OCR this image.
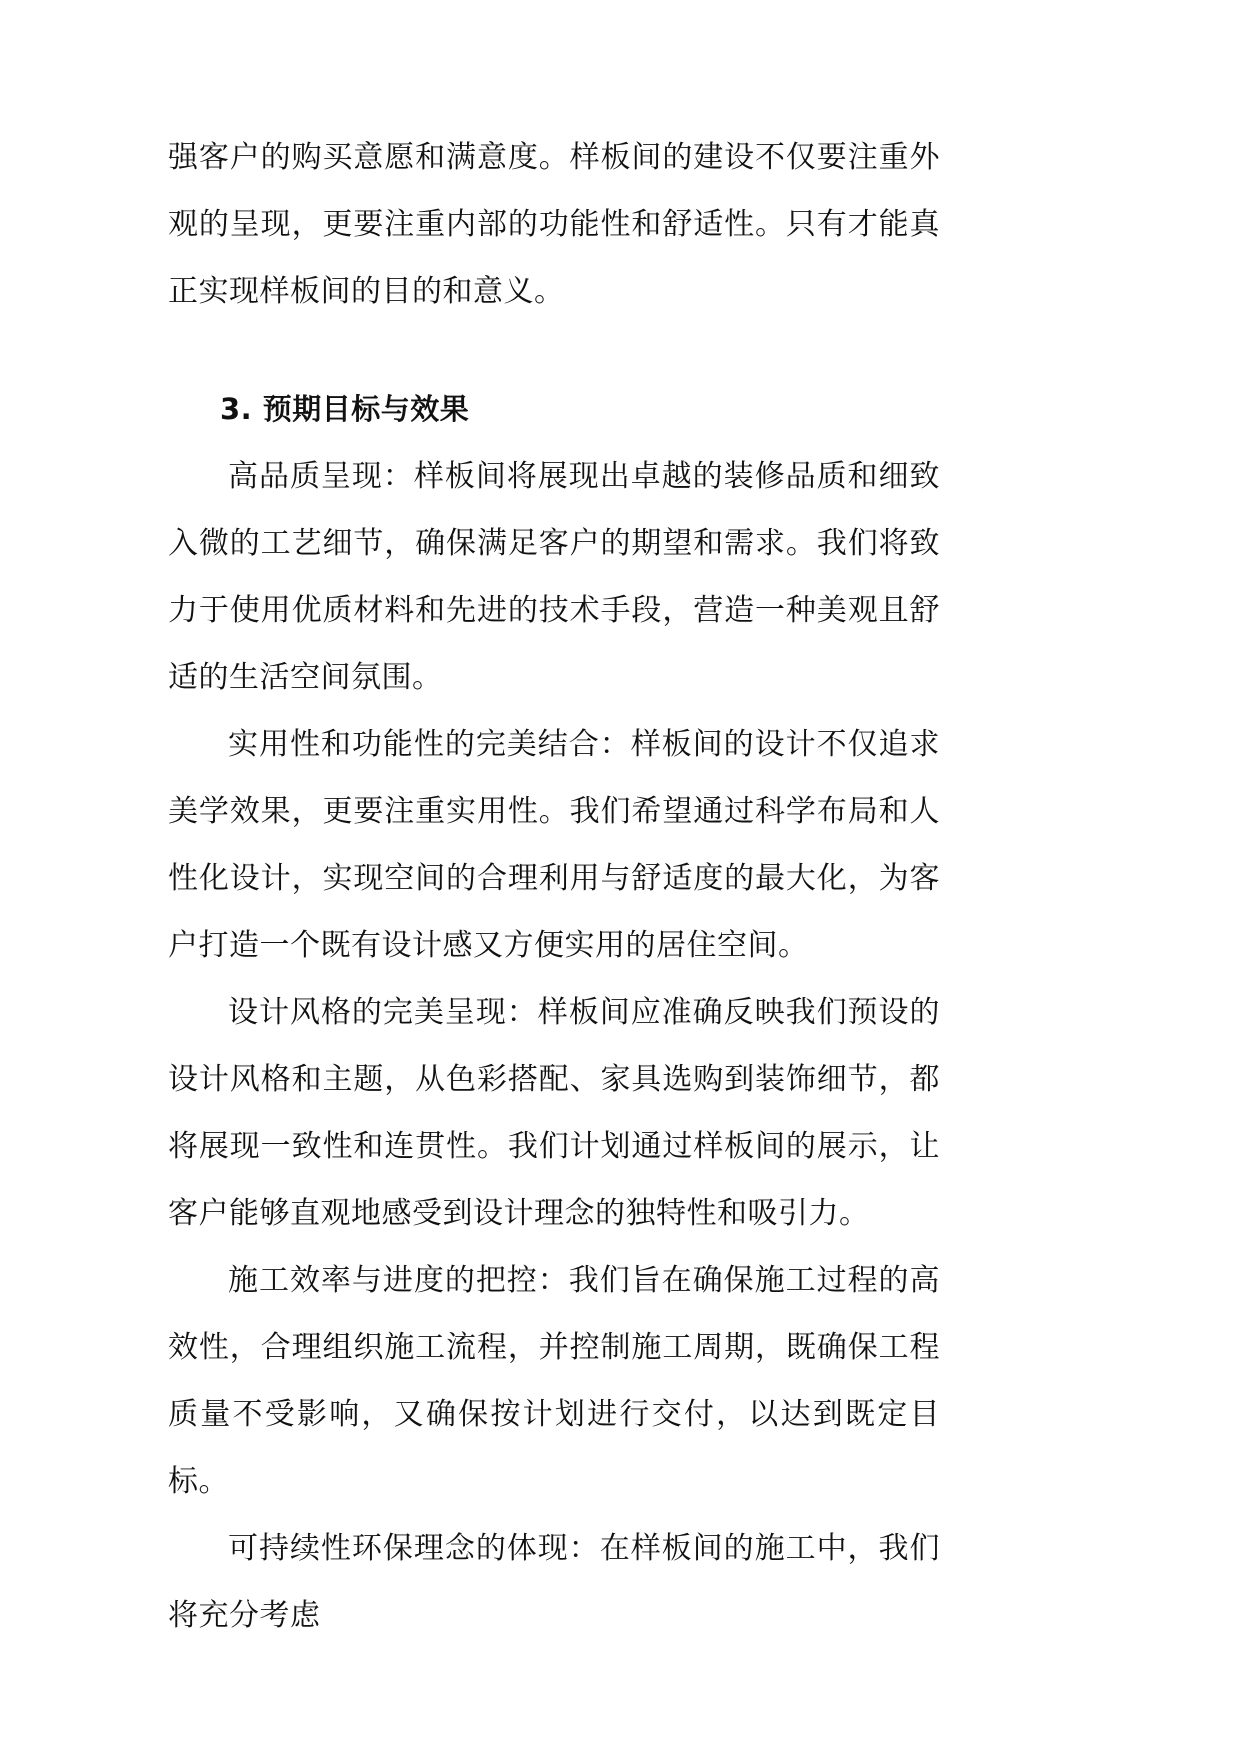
强客户的购买意愿和满意度。样板间的建设不仅要注重外观的呈现，更要注重内部的功能性和舒适性。只有才能真正实现样板间的目的和意义。

3. 预期目标与效果

高品质呈现：样板间将展现出卓越的装修品质和细致入微的工艺细节，确保满足客户的期望和需求。我们将致力于使用优质材料和先进的技术手段，营造一种美观且舒适的生活空间氛围。

实用性和功能性的完美结合：样板间的设计不仅追求美学效果，更要注重实用性。我们希望通过科学布局和人性化设计，实现空间的合理利用与舒适度的最大化，为客户打造一个既有设计感又方便实用的居住空间。

设计风格的完美呈现：样板间应准确反映我们预设的设计风格和主题，从色彩搭配、家具选购到装饰细节，都将展现一致性和连贯性。我们计划通过样板间的展示，让客户能够直观地感受到设计理念的独特性和吸引力。

施工效率与进度的把控：我们旨在确保施工过程的高效性，合理组织施工流程，并控制施工周期，既确保工程质量不受影响，又确保按计划进行交付，以达到既定目标。

可持续性环保理念的体现：在样板间的施工中，我们将充分考虑
